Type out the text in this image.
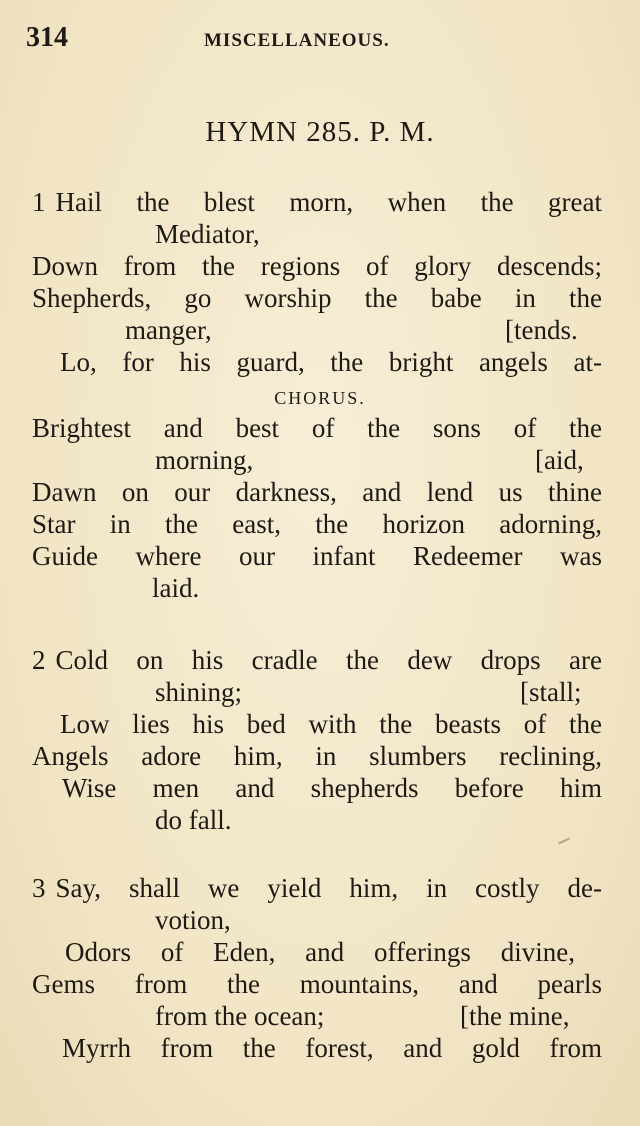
314	MISCELLANEOUS.
HYMN 285. P. M.
1 Hail the blest morn, when the great
Mediator,
Down from the regions of glory descends;
Shepherds, go worship the babe in the
manger,	[tends.
Lo, for his guard, the bright angels at-
CHORUS.
Brightest and best of the sons of the
morning,	[aid,
Dawn on our darkness, and lend us thine
Star in the east, the horizon adorning,
Guide where our infant Redeemer was
laid.
2 Cold on his cradle the dew drops are
shining;	[stall;
Low lies his bed with the beasts of the
Angels adore him, in slumbers reclining,
Wise men and shepherds before him
do fall.
3 Say, shall we yield him, in costly de-
votion,
Odors of Eden, and offerings divine,
Gems from the mountains, and pearls
from the ocean;	[the mine,
Myrrh from the forest, and gold from
